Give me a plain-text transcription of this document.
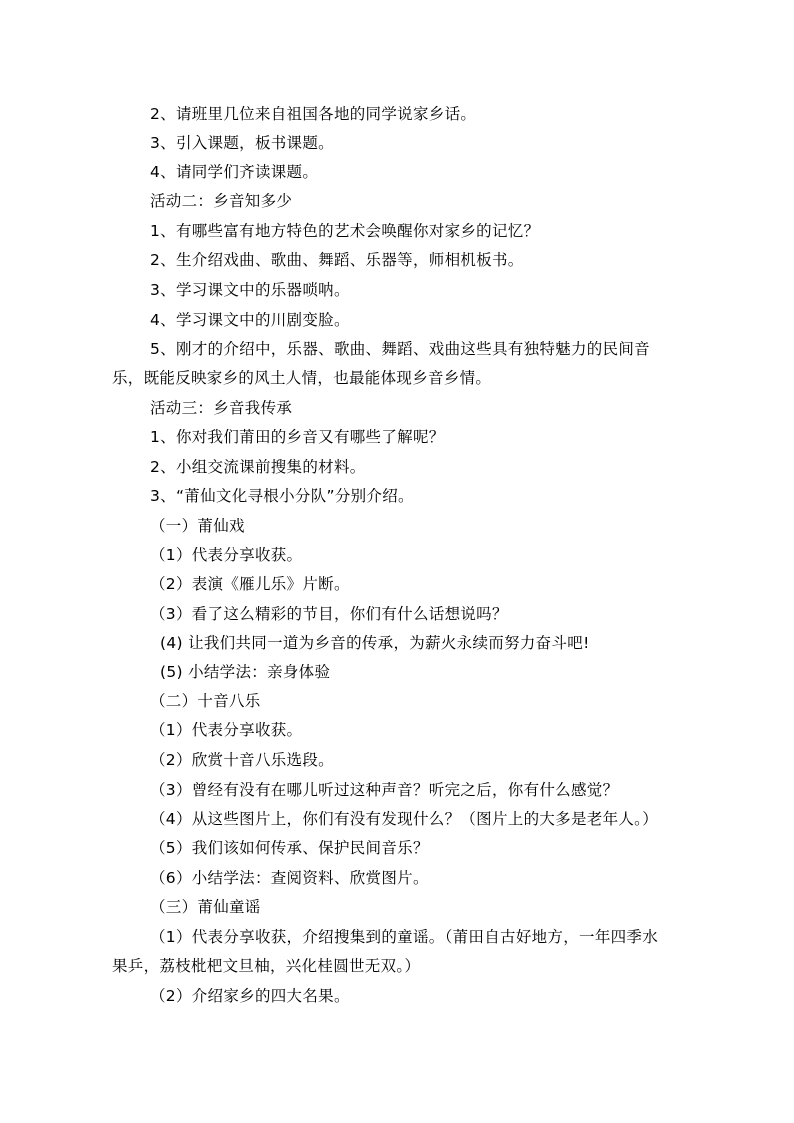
2、请班里几位来自祖国各地的同学说家乡话。
3、引入课题，板书课题。
4、请同学们齐读课题。
活动二：乡音知多少
1、有哪些富有地方特色的艺术会唤醒你对家乡的记忆？
2、生介绍戏曲、歌曲、舞蹈、乐器等，师相机板书。
3、学习课文中的乐器唢呐。
4、学习课文中的川剧变脸。
5、刚才的介绍中，乐器、歌曲、舞蹈、戏曲这些具有独特魅力的民间音
乐，既能反映家乡的风土人情，也最能体现乡音乡情。
活动三：乡音我传承
1、你对我们莆田的乡音又有哪些了解呢？
2、小组交流课前搜集的材料。
3、“莆仙文化寻根小分队”分别介绍。
（一）莆仙戏
（1）代表分享收获。
（2）表演《雁儿乐》片断。
（3）看了这么精彩的节目，你们有什么话想说吗？
(4) 让我们共同一道为乡音的传承，为薪火永续而努力奋斗吧!
(5) 小结学法：亲身体验
（二）十音八乐
（1）代表分享收获。
（2）欣赏十音八乐选段。
（3）曾经有没有在哪儿听过这种声音？听完之后，你有什么感觉？
（4）从这些图片上，你们有没有发现什么？（图片上的大多是老年人。）
（5）我们该如何传承、保护民间音乐？
（6）小结学法：查阅资料、欣赏图片。
（三）莆仙童谣
（1）代表分享收获，介绍搜集到的童谣。（莆田自古好地方，一年四季水
果乒，荔枝枇杷文旦柚，兴化桂圆世无双。）
（2）介绍家乡的四大名果。
